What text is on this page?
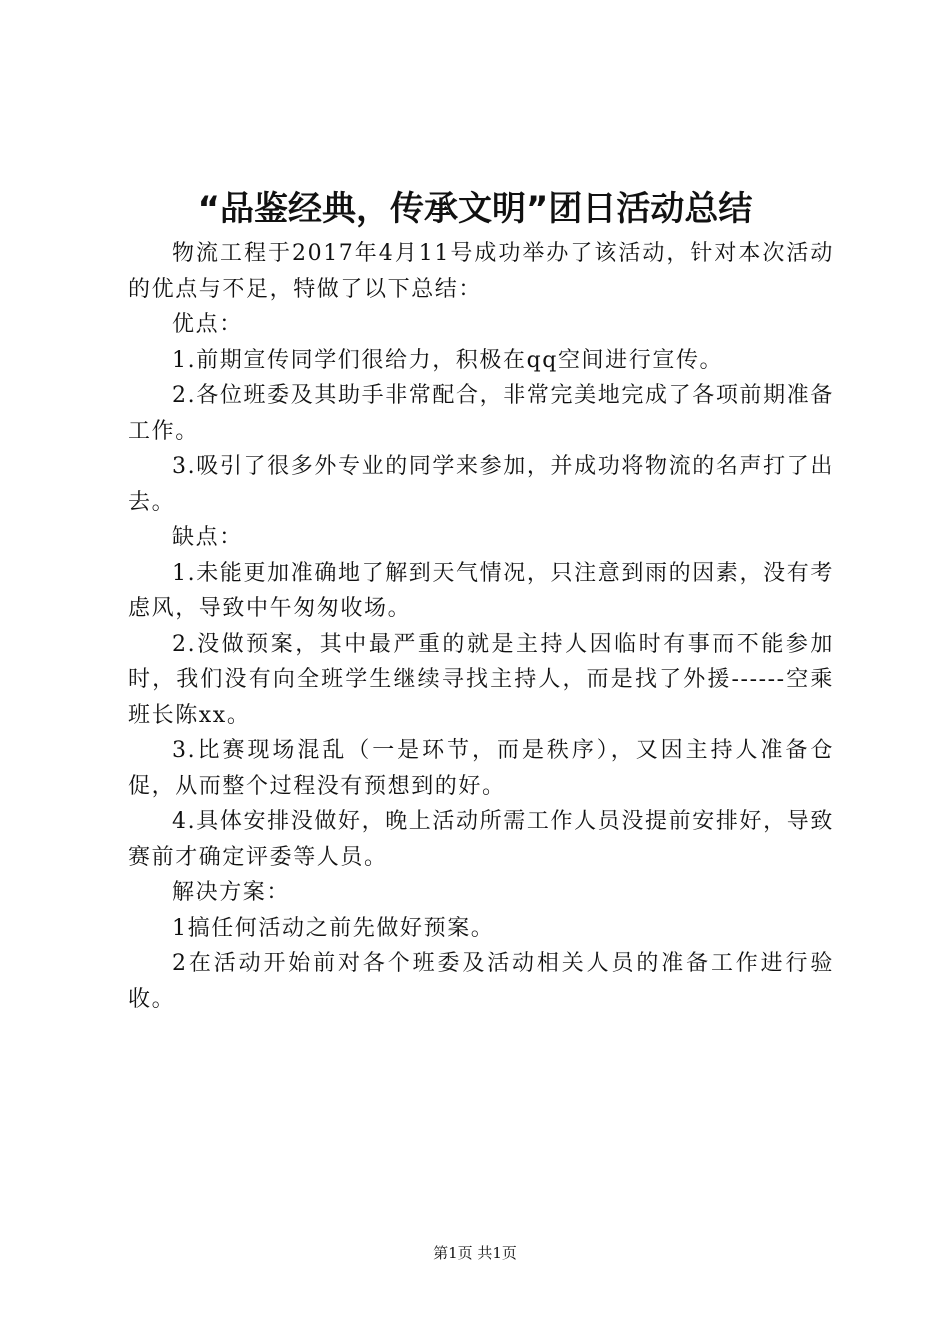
“品鉴经典，传承文明”团日活动总结

物流工程于2017年4月11号成功举办了该活动，针对本次活动的优点与不足，特做了以下总结：

优点：

1.前期宣传同学们很给力，积极在qq空间进行宣传。

2.各位班委及其助手非常配合，非常完美地完成了各项前期准备工作。

3.吸引了很多外专业的同学来参加，并成功将物流的名声打了出去。

缺点：

1.未能更加准确地了解到天气情况，只注意到雨的因素，没有考虑风，导致中午匆匆收场。

2.没做预案，其中最严重的就是主持人因临时有事而不能参加时，我们没有向全班学生继续寻找主持人，而是找了外援------空乘班长陈xx。

3.比赛现场混乱（一是环节，而是秩序），又因主持人准备仓促，从而整个过程没有预想到的好。

4.具体安排没做好，晚上活动所需工作人员没提前安排好，导致赛前才确定评委等人员。

解决方案：

1搞任何活动之前先做好预案。

2在活动开始前对各个班委及活动相关人员的准备工作进行验收。

第1页 共1页
